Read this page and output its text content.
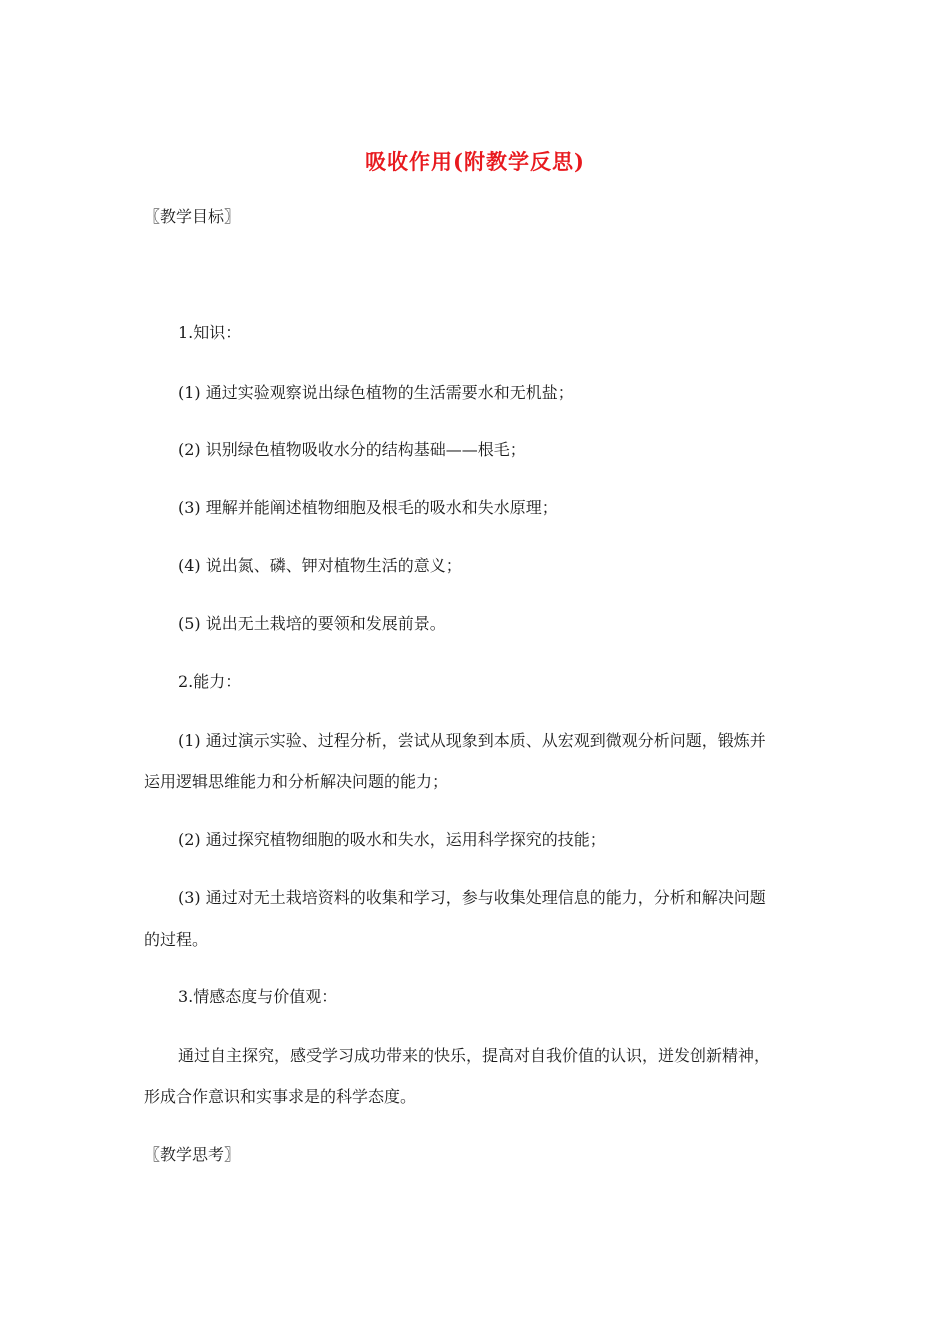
吸收作用(附教学反思)
〖教学目标〗
1.知识：
(1) 通过实验观察说出绿色植物的生活需要水和无机盐；
(2) 识别绿色植物吸收水分的结构基础——根毛；
(3) 理解并能阐述植物细胞及根毛的吸水和失水原理；
(4) 说出氮、磷、钾对植物生活的意义；
(5) 说出无土栽培的要领和发展前景。
2.能力：
(1) 通过演示实验、过程分析，尝试从现象到本质、从宏观到微观分析问题，锻炼并
运用逻辑思维能力和分析解决问题的能力；
(2) 通过探究植物细胞的吸水和失水，运用科学探究的技能；
(3) 通过对无土栽培资料的收集和学习，参与收集处理信息的能力，分析和解决问题
的过程。
3.情感态度与价值观：
通过自主探究，感受学习成功带来的快乐，提高对自我价值的认识，迸发创新精神，
形成合作意识和实事求是的科学态度。
〖教学思考〗
